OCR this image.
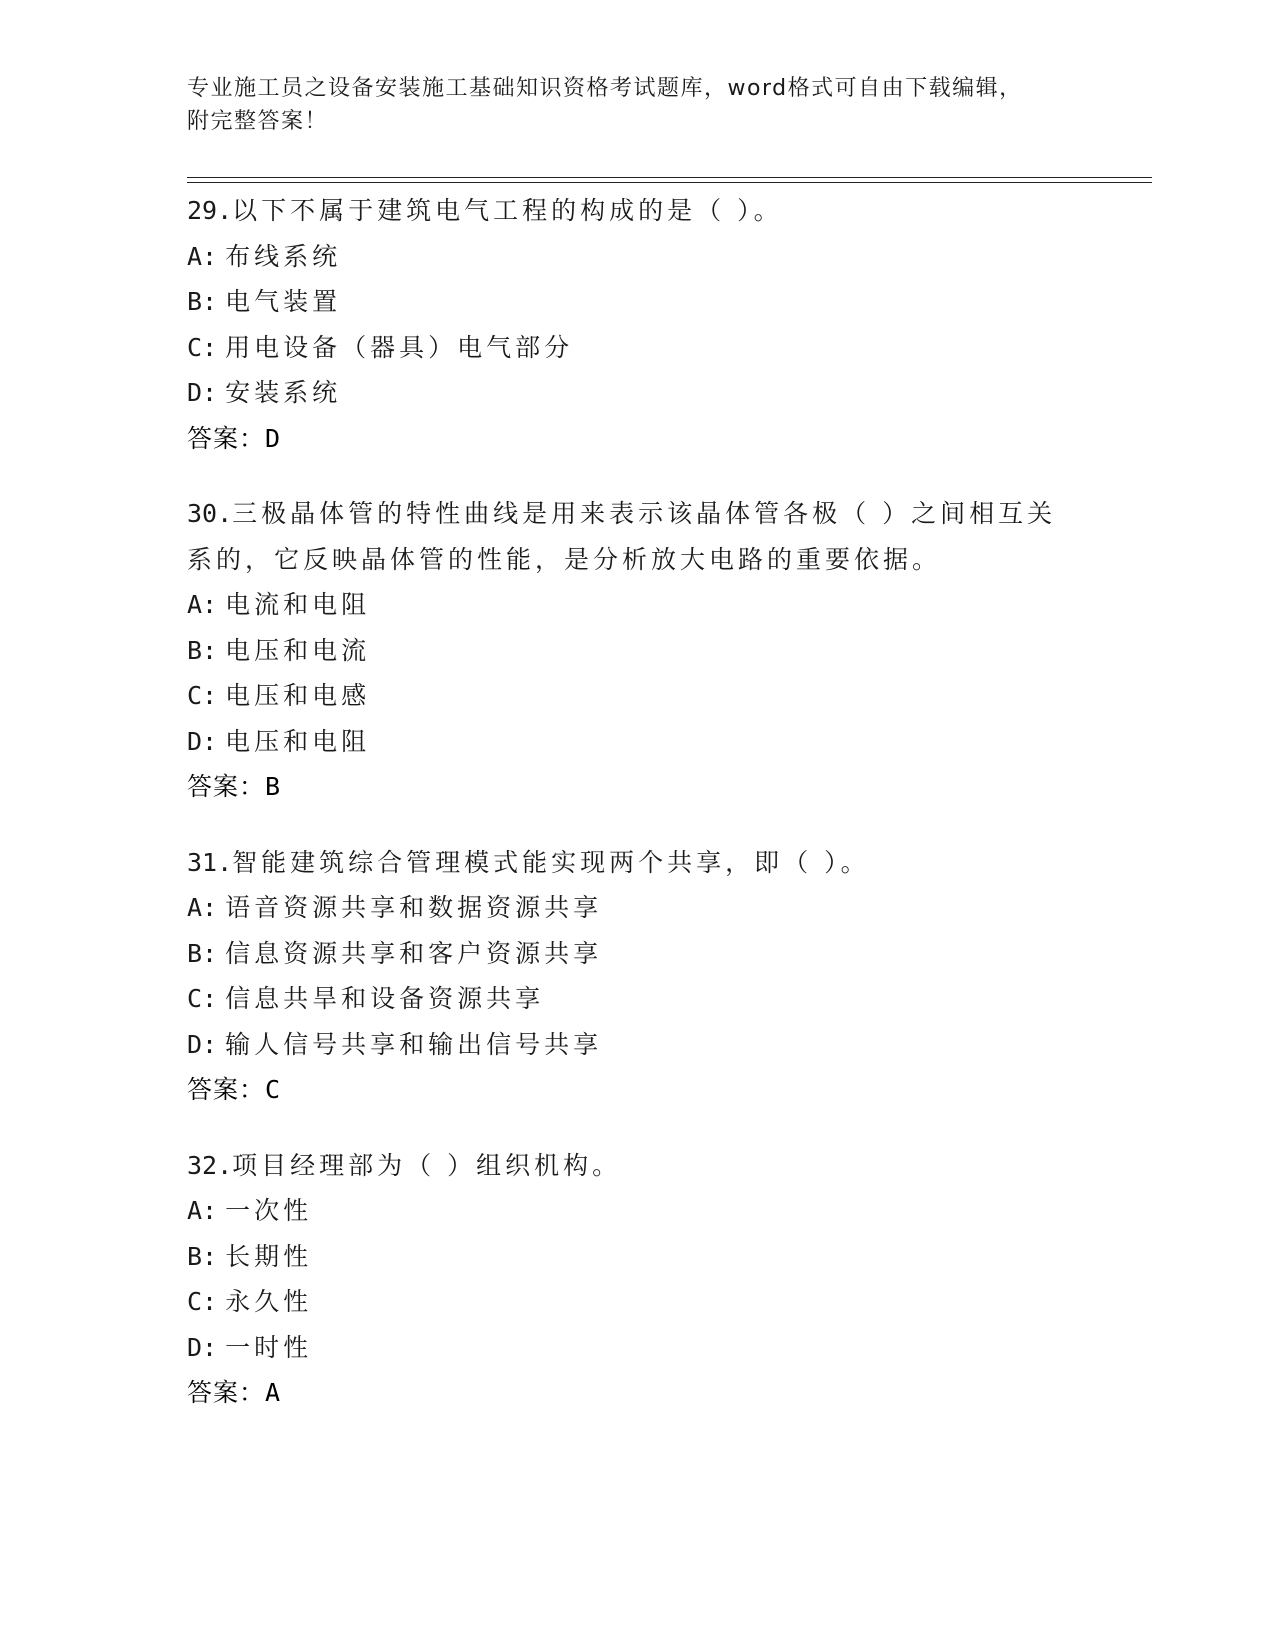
专业施工员之设备安装施工基础知识资格考试题库，word格式可自由下载编辑，
附完整答案！
29.以下不属于建筑电气工程的构成的是（ ）。
A: 布线系统
B: 电气装置
C: 用电设备（器具）电气部分
D: 安装系统
答案：D
30.三极晶体管的特性曲线是用来表示该晶体管各极（ ）之间相互关系的，它反映晶体管的性能，是分析放大电路的重要依据。
A: 电流和电阻
B: 电压和电流
C: 电压和电感
D: 电压和电阻
答案：B
31.智能建筑综合管理模式能实现两个共享，即（ ）。
A: 语音资源共享和数据资源共享
B: 信息资源共享和客户资源共享
C: 信息共旱和设备资源共享
D: 输人信号共享和输出信号共享
答案：C
32.项目经理部为（ ）组织机构。
A: 一次性
B: 长期性
C: 永久性
D: 一时性
答案：A
